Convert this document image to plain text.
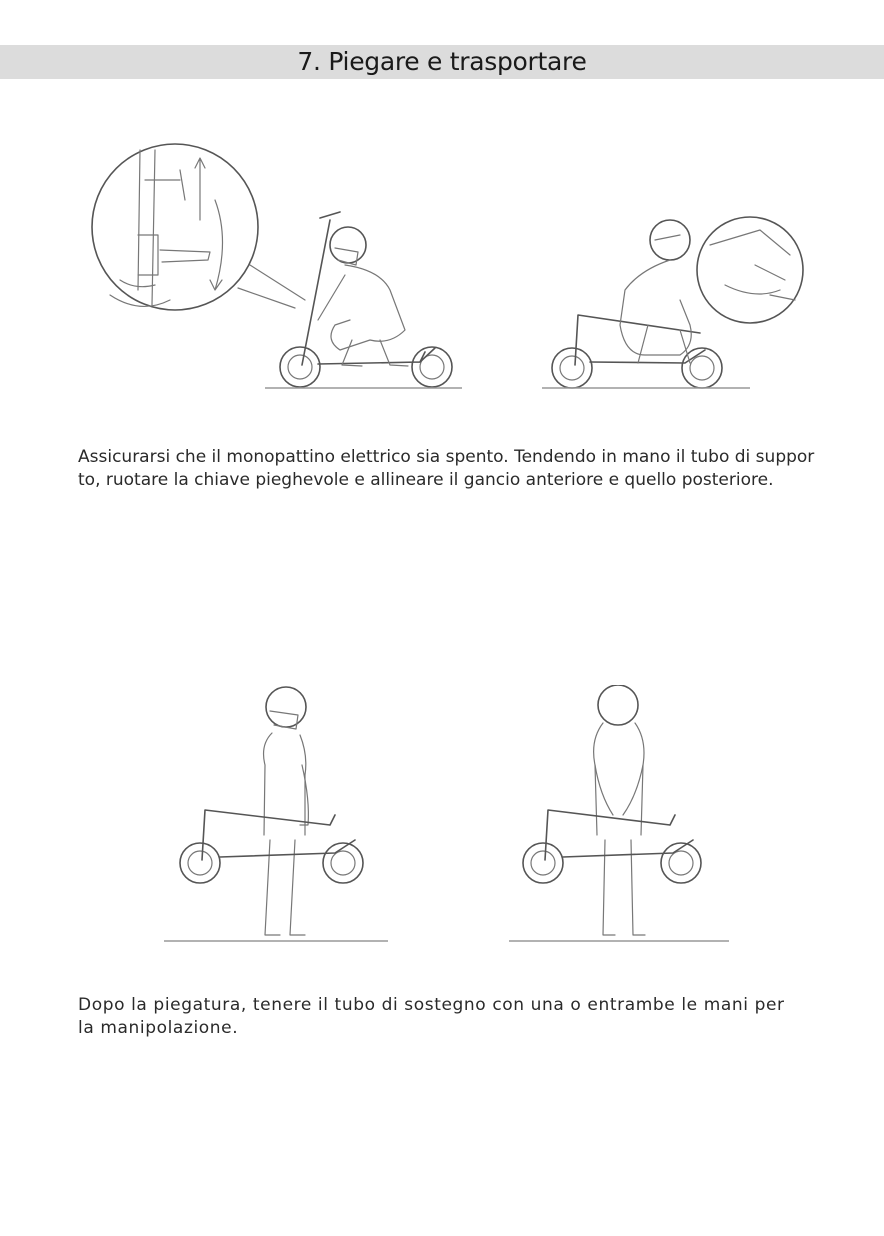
7. Piegare e trasportare
Assicurarsi che il monopattino elettrico sia spento. Tendendo in mano il tubo di suppor
to, ruotare la chiave pieghevole e allineare il gancio anteriore e quello posteriore.
Dopo la piegatura, tenere il tubo di sostegno con una o entrambe le mani per
la manipolazione.
